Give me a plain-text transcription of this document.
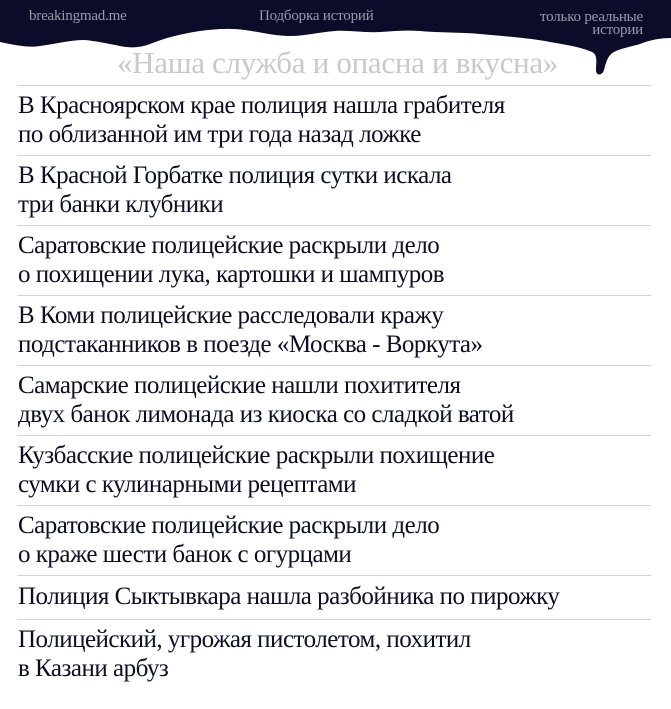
breakingmad.me	Подборка историй	только реальные
истории
«Наша служба и опасна и вкусна»
В Красноярском крае полиция нашла грабителя
по облизанной им три года назад ложке
В Красной Горбатке полиция сутки искала
три банки клубники
Саратовские полицейские раскрыли дело
о похищении лука, картошки и шампуров
В Коми полицейские расследовали кражу
подстаканников в поезде «Москва - Воркута»
Самарские полицейские нашли похитителя
двух банок лимонада из киоска со сладкой ватой
Кузбасские полицейские раскрыли похищение
сумки с кулинарными рецептами
Саратовские полицейские раскрыли дело
о краже шести банок с огурцами
Полиция Сыктывкара нашла разбойника по пирожку
Полицейский, угрожая пистолетом, похитил
в Казани арбуз
